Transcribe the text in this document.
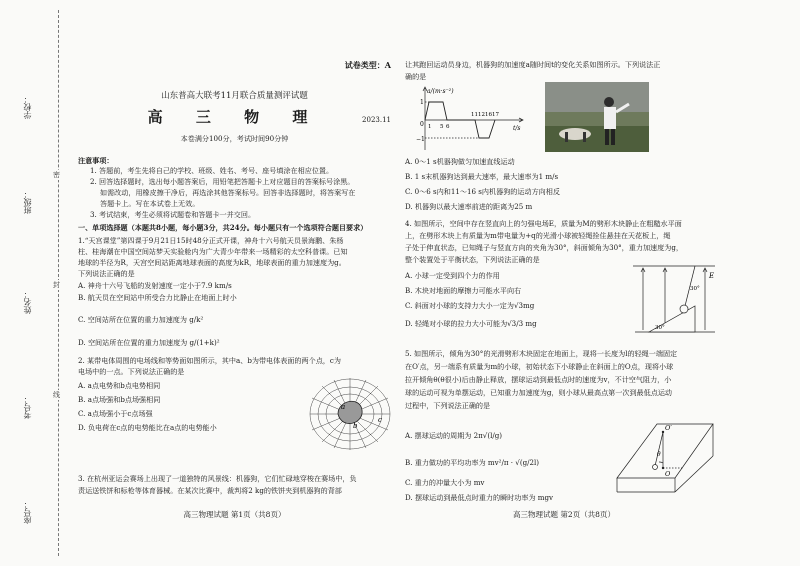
学校：
班级：
姓名：
考号：
座号：
密
封
线

试卷类型：A

山东普高大联考11月联合质量测评试题

高 三 物 理	2023.11

本卷满分100分，考试时间90分钟

注意事项：

1. 答题前，考生先将自己的学校、班级、姓名、考号、座号填涂在相应位置。

2. 回答选择题时，选出每小题答案后，用铅笔把答题卡上对应题目的答案标号涂黑。

如需改动，用橡皮擦干净后，再选涂其他答案标号。回答非选择题时，将答案写在

答题卡上。写在本试卷上无效。

3. 考试结束，考生必须将试题卷和答题卡一并交回。

一、单项选择题（本题共8小题，每小题3分，共24分。每小题只有一个选项符合题目要求）

1.“天宫课堂”第四课于9月21日15时48分正式开课，神舟十六号航天员景海鹏、朱杨

柱、桂海潮在中国空间站梦天实验舱内为广大青少年带来一场精彩的太空科普课。已知

地球的半径为R，天宫空间站距离地球表面的高度为kR，地球表面的重力加速度为g。

下列说法正确的是

A. 神舟十六号飞船的发射速度一定小于7.9 km/s

B. 航天员在空间站中所受合力比静止在地面上时小

C. 空间站所在位置的重力加速度为 g/k²

D. 空间站所在位置的重力加速度为 g/(1+k)²

2. 某带电体周围的电场线和等势面如图所示，其中a、b为带电体表面的两个点，c为

电场中的一点。下列说法正确的是

A. a点电势和b点电势相同

B. a点场强和b点场强相同

C. a点场强小于c点场强

D. 负电荷在c点的电势能比在a点的电势能小

a
b
c

3. 在杭州亚运会赛场上出现了一道独特的风景线：机器狗，它们忙碌地穿梭在赛场中，负

责运送铁饼和标枪等体育器械。在某次比赛中，裁判将2 kg的铁饼夹到机器狗的背部

高三物理试题 第1页（共8页）

让其跑回运动员身边，机器狗的加速度a随时间t的变化关系如图所示。下列说法正

确的是

a/(m·s⁻²)
t/s
1
−1
0 1 5 6
11 12 16 17

A. 0～1 s机器狗做匀加速直线运动

B. 1 s末机器狗达到最大速率，最大速率为1 m/s

C. 0～6 s内和11～16 s内机器狗的运动方向相反

D. 机器狗以最大速率前进的距离为25 m

4. 如图所示，空间中存在竖直向上的匀强电场E，质量为M的劈形木块静止在粗糙水平面

上，在劈形木块上有质量为m带电量为+q的光滑小球被轻绳拴住悬挂在天花板上，绳

子处于伸直状态，已知绳子与竖直方向的夹角为30°，斜面倾角为30°，重力加速度为g，

整个装置处于平衡状态，下列说法正确的是

A. 小球一定受到四个力的作用

B. 木块对地面的摩擦力可能水平向右

C. 斜面对小球的支持力大小一定为√3mg

D. 轻绳对小球的拉力大小可能为√3/3 mg

E
30°
30°

5. 如图所示，倾角为30°的光滑劈形木块固定在地面上，现将一长度为l的轻绳一端固定

在O′点，另一端系有质量为m的小球，初始状态下小球静止在斜面上的O点，现将小球

拉开倾角θ(θ很小)后由静止释放，摆球运动到最低点时的速度为v，不计空气阻力，小

球的运动可视为单摆运动，已知重力加速度为g，则小球从最高点第一次到最低点运动

过程中，下列说法正确的是

A. 摆球运动的周期为 2π√(l/g)

B. 重力做功的平均功率为 mv²/π · √(g/2l)

C. 重力的冲量大小为 mv

D. 摆球运动到最低点时重力的瞬时功率为 mgv

O′
O
θ

高三物理试题 第2页（共8页）
